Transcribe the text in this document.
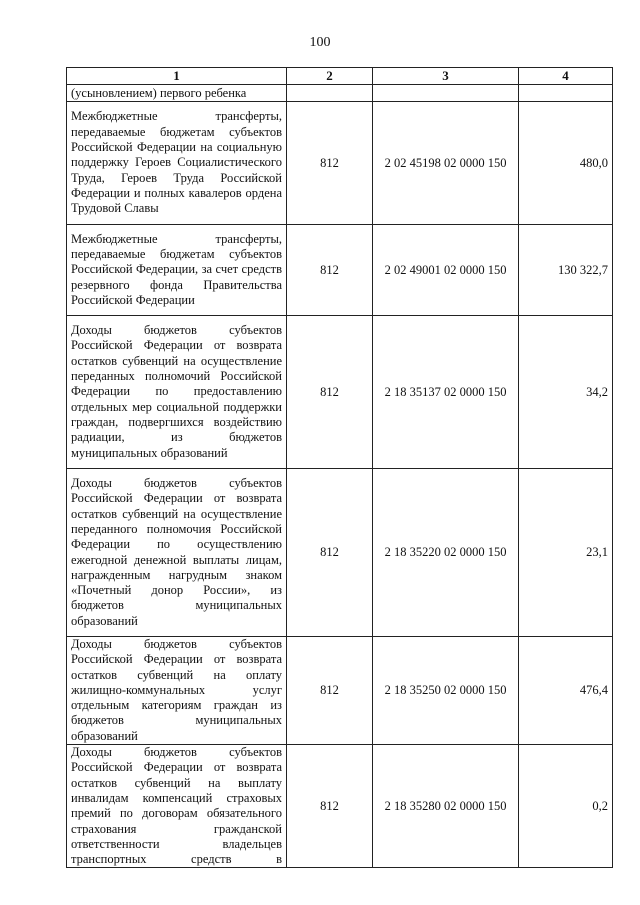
100
1	2	3	4
(усыновлением) первого ребенка			
Межбюджетные трансферты, передаваемые бюджетам субъектов Российской Федерации на социальную поддержку Героев Социалистического Труда, Героев Труда Российской Федерации и полных кавалеров ордена Трудовой Славы	812	2 02 45198 02 0000 150	480,0
Межбюджетные трансферты, передаваемые бюджетам субъектов Российской Федерации, за счет средств резервного фонда Правительства Российской Федерации	812	2 02 49001 02 0000 150	130 322,7
Доходы бюджетов субъектов Российской Федерации от возврата остатков субвенций на осуществление переданных полномочий Российской Федерации по предоставлению отдельных мер социальной поддержки граждан, подвергшихся воздействию радиации, из бюджетов муниципальных образований	812	2 18 35137 02 0000 150	34,2
Доходы бюджетов субъектов Российской Федерации от возврата остатков субвенций на осуществление переданного полномочия Российской Федерации по осуществлению ежегодной денежной выплаты лицам, награжденным нагрудным знаком «Почетный донор России», из бюджетов муниципальных образований	812	2 18 35220 02 0000 150	23,1
Доходы бюджетов субъектов Российской Федерации от возврата остатков субвенций на оплату жилищно-коммунальных услуг отдельным категориям граждан из бюджетов муниципальных образований	812	2 18 35250 02 0000 150	476,4
Доходы бюджетов субъектов Российской Федерации от возврата остатков субвенций на выплату инвалидам компенсаций страховых премий по договорам обязательного страхования гражданской ответственности владельцев транспортных средств в	812	2 18 35280 02 0000 150	0,2
